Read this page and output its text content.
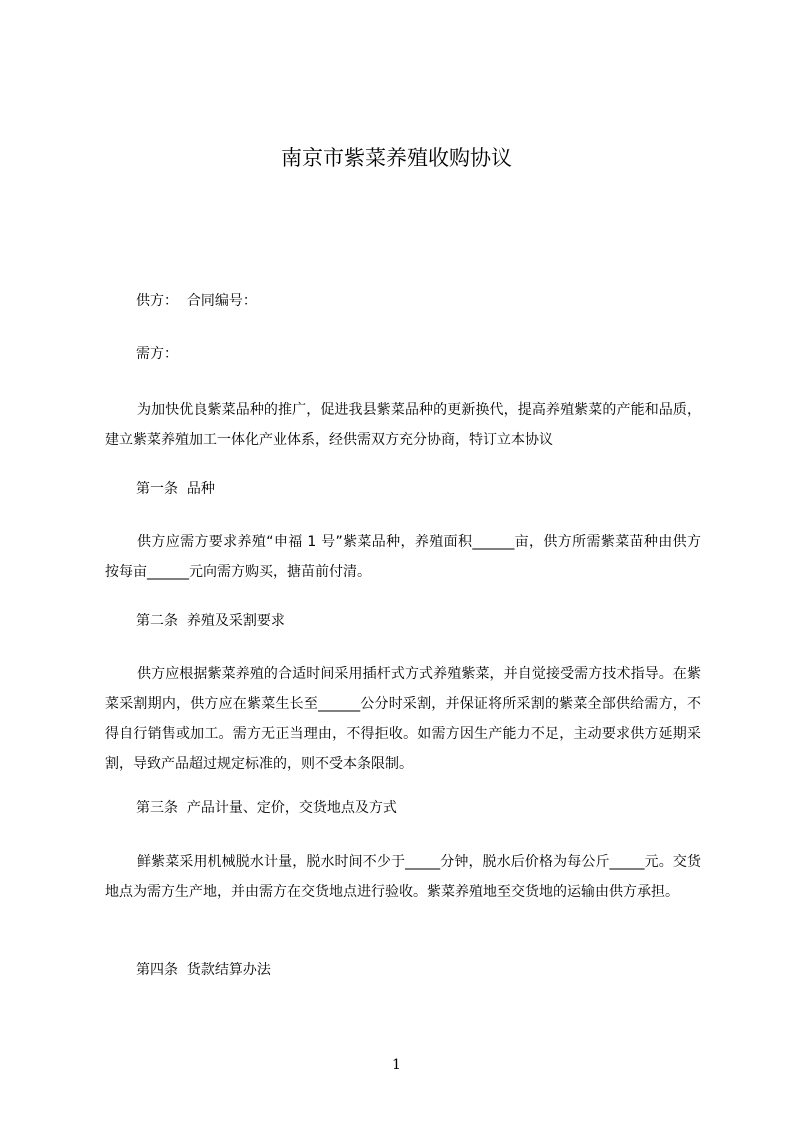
南京市紫菜养殖收购协议
供方：  合同编号：
需方：

为加快优良紫菜品种的推广，促进我县紫菜品种的更新换代，提高养殖紫菜的产能和品质，建立紫菜养殖加工一体化产业体系，经供需双方充分协商，特订立本协议

第一条  品种

供方应需方要求养殖“申福 1 号”紫菜品种，养殖面积______亩，供方所需紫菜苗种由供方按每亩______元向需方购买，搪苗前付清。

第二条  养殖及采割要求

供方应根据紫菜养殖的合适时间采用插杆式方式养殖紫菜，并自觉接受需方技术指导。在紫菜采割期内，供方应在紫菜生长至______公分时采割，并保证将所采割的紫菜全部供给需方，不得自行销售或加工。需方无正当理由，不得拒收。如需方因生产能力不足，主动要求供方延期采割，导致产品超过规定标准的，则不受本条限制。

第三条  产品计量、定价，交货地点及方式

鲜紫菜采用机械脱水计量，脱水时间不少于_____分钟，脱水后价格为每公斤_____元。交货地点为需方生产地，并由需方在交货地点进行验收。紫菜养殖地至交货地的运输由供方承担。

第四条  货款结算办法
1
